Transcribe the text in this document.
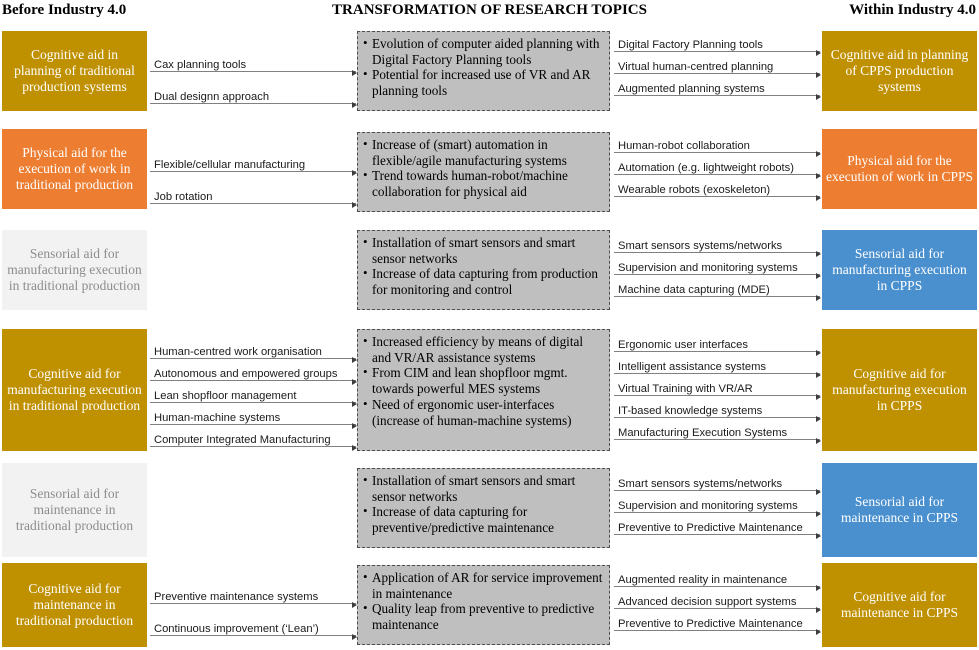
Before Industry 4.0	TRANSFORMATION OF RESEARCH TOPICS	Within Industry 4.0
Cognitive aid in planning of traditional production systems
Cognitive aid in planning of CPPS production systems
• Evolution of computer aided planning with Digital Factory Planning tools
• Potential for increased use of VR and AR planning tools
Cax planning tools
Dual designn approach
Digital Factory Planning tools
Virtual human-centred planning
Augmented planning systems
Physical aid for the execution of work in traditional production
Physical aid for the execution of work in CPPS
• Increase of (smart) automation in flexible/agile manufacturing systems
• Trend towards human-robot/machine collaboration for physical aid
Flexible/cellular manufacturing
Job rotation
Human-robot collaboration
Automation (e.g. lightweight robots)
Wearable robots (exoskeleton)
Sensorial aid for manufacturing execution in traditional production
Sensorial aid for manufacturing execution in CPPS
• Installation of smart sensors and smart sensor networks
• Increase of data capturing from production for monitoring and control
Smart sensors systems/networks
Supervision and monitoring systems
Machine data capturing (MDE)
Cognitive aid for manufacturing execution in traditional production
Cognitive aid for manufacturing execution in CPPS
• Increased efficiency by means of digital and VR/AR assistance systems
• From CIM and lean shopfloor mgmt. towards powerful MES systems
• Need of ergonomic user-interfaces (increase of human-machine systems)
Human-centred work organisation
Autonomous and empowered groups
Lean shopfloor management
Human-machine systems
Computer Integrated Manufacturing
Ergonomic user interfaces
Intelligent assistance systems
Virtual Training with VR/AR
IT-based knowledge systems
Manufacturing Execution Systems
Sensorial aid for maintenance in traditional production
Sensorial aid for maintenance in CPPS
• Installation of smart sensors and smart sensor networks
• Increase of data capturing for preventive/predictive maintenance
Smart sensors systems/networks
Supervision and monitoring systems
Preventive to Predictive Maintenance
Cognitive aid for maintenance in traditional production
Cognitive aid for maintenance in CPPS
• Application of AR for service improvement in maintenance
• Quality leap from preventive to predictive maintenance
Preventive maintenance systems
Continuous improvement (‘Lean’)
Augmented reality in maintenance
Advanced decision support systems
Preventive to Predictive Maintenance
